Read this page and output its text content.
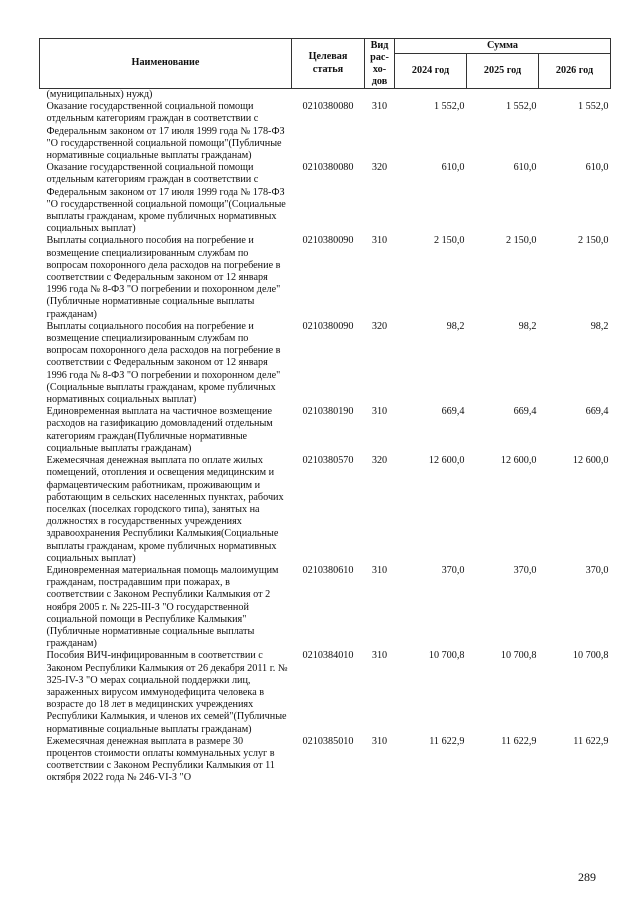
Наименование	Целевая статья	Вид
рас-
хо-
дов	Сумма		
			2024 год	2025 год	2026 год
(муниципальных) нужд)					
Оказание государственной социальной помощи отдельным категориям граждан в соответствии с Федеральным законом от 17 июля 1999 года № 178-ФЗ "О государственной социальной помощи"(Публичные нормативные социальные выплаты гражданам)	0210380080	310	1 552,0	1 552,0	1 552,0
Оказание государственной социальной помощи отдельным категориям граждан в соответствии с Федеральным законом от 17 июля 1999 года № 178-ФЗ "О государственной социальной помощи"(Социальные выплаты гражданам, кроме публичных нормативных социальных выплат)	0210380080	320	610,0	610,0	610,0
Выплаты социального пособия на погребение и возмещение специализированным службам по вопросам похоронного дела расходов на погребение в соответствии с Федеральным законом от 12 января 1996 года № 8-ФЗ "О погребении и похоронном деле"(Публичные нормативные социальные выплаты гражданам)	0210380090	310	2 150,0	2 150,0	2 150,0
Выплаты социального пособия на погребение и возмещение специализированным службам по вопросам похоронного дела расходов на погребение в соответствии с Федеральным законом от 12 января 1996 года № 8-ФЗ "О погребении и похоронном деле"(Социальные выплаты гражданам, кроме публичных нормативных социальных выплат)	0210380090	320	98,2	98,2	98,2
Единовременная выплата на частичное возмещение расходов на газификацию домовладений отдельным категориям граждан(Публичные нормативные социальные выплаты гражданам)	0210380190	310	669,4	669,4	669,4
Ежемесячная денежная выплата по оплате жилых помещений, отопления и освещения медицинским и фармацевтическим работникам, проживающим и работающим в сельских населенных пунктах, рабочих поселках (поселках городского типа), занятых на должностях в государственных учреждениях здравоохранения Республики Калмыкия(Социальные выплаты гражданам, кроме публичных нормативных социальных выплат)	0210380570	320	12 600,0	12 600,0	12 600,0
Единовременная материальная помощь малоимущим гражданам, пострадавшим при пожарах, в соответствии с Законом Республики Калмыкия от 2 ноября 2005 г. № 225-III-З "О государственной социальной помощи в Республике Калмыкия"(Публичные нормативные социальные выплаты гражданам)	0210380610	310	370,0	370,0	370,0
Пособия ВИЧ-инфицированным в соответствии с Законом Республики Калмыкия от 26 декабря 2011 г. № 325-IV-З "О мерах социальной поддержки лиц, зараженных вирусом иммунодефицита человека в возрасте до 18 лет в медицинских учреждениях Республики Калмыкия, и членов их семей"(Публичные нормативные социальные выплаты гражданам)	0210384010	310	10 700,8	10 700,8	10 700,8
Ежемесячная денежная выплата в размере 30 процентов стоимости оплаты коммунальных услуг в соответствии с Законом Республики Калмыкия от 11 октября 2022 года № 246-VI-З "О	0210385010	310	11 622,9	11 622,9	11 622,9
289
